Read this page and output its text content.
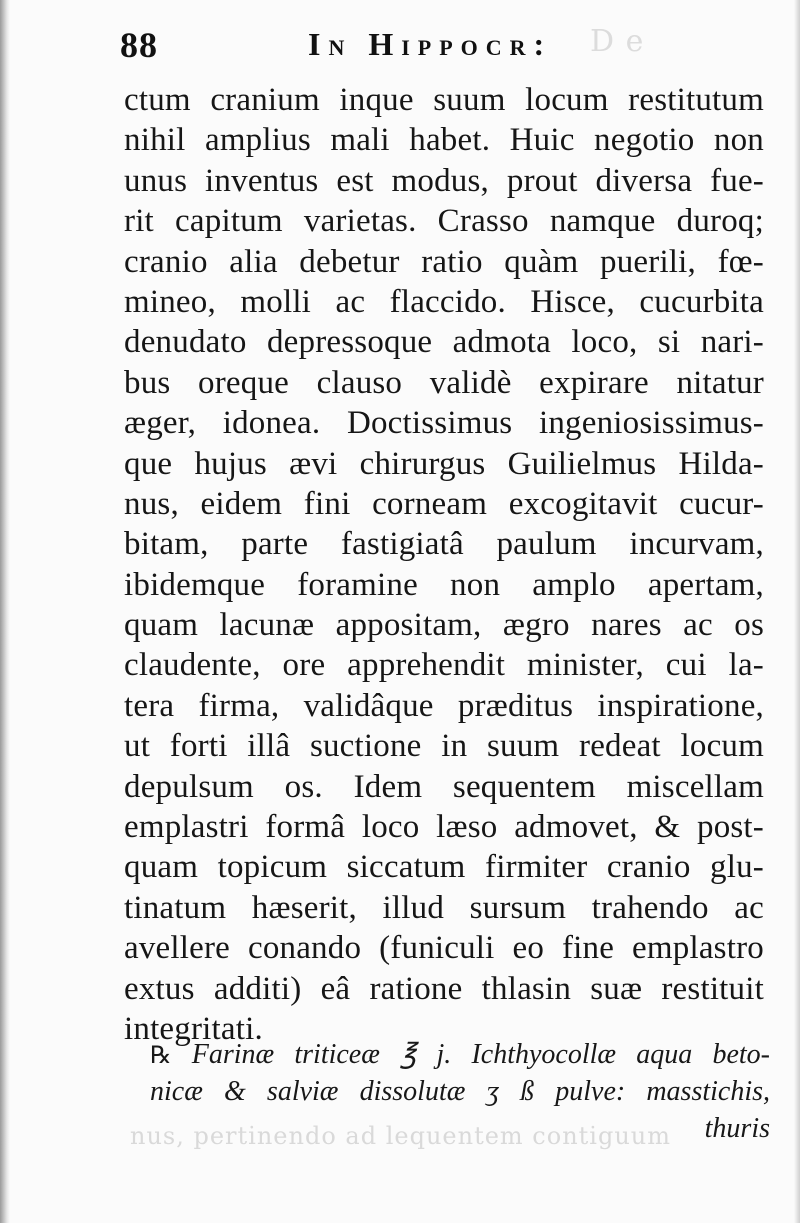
D e
nus, pertinendo ad lequentem contiguum
88	In Hippocr:
ctum cranium inque suum locum restitutum
nihil amplius mali habet. Huic negotio non
unus inventus est modus, prout diversa fue-
rit capitum varietas. Crasso namque duroq;
cranio alia debetur ratio quàm puerili, fœ-
mineo, molli ac flaccido. Hisce, cucurbita
denudato depressoque admota loco, si nari-
bus oreque clauso validè expirare nitatur
æger, idonea. Doctissimus ingeniosissimus-
que hujus ævi chirurgus Guilielmus Hilda-
nus, eidem fini corneam excogitavit cucur-
bitam, parte fastigiatâ paulum incurvam,
ibidemque foramine non amplo apertam,
quam lacunæ appositam, ægro nares ac os
claudente, ore apprehendit minister, cui la-
tera firma, validâque præditus inspiratione,
ut forti illâ suctione in suum redeat locum
depulsum os. Idem sequentem miscellam
emplastri formâ loco læso admovet, & post-
quam topicum siccatum firmiter cranio glu-
tinatum hæserit, illud sursum trahendo ac
avellere conando (funiculi eo fine emplastro
extus additi) eâ ratione thlasin suæ restituit
integritati.
℞ Farinæ triticeæ ℥ j. Ichthyocollæ aqua beto-
nicæ & salviæ dissolutæ ʒ ß pulve: masstichis,
thuris
